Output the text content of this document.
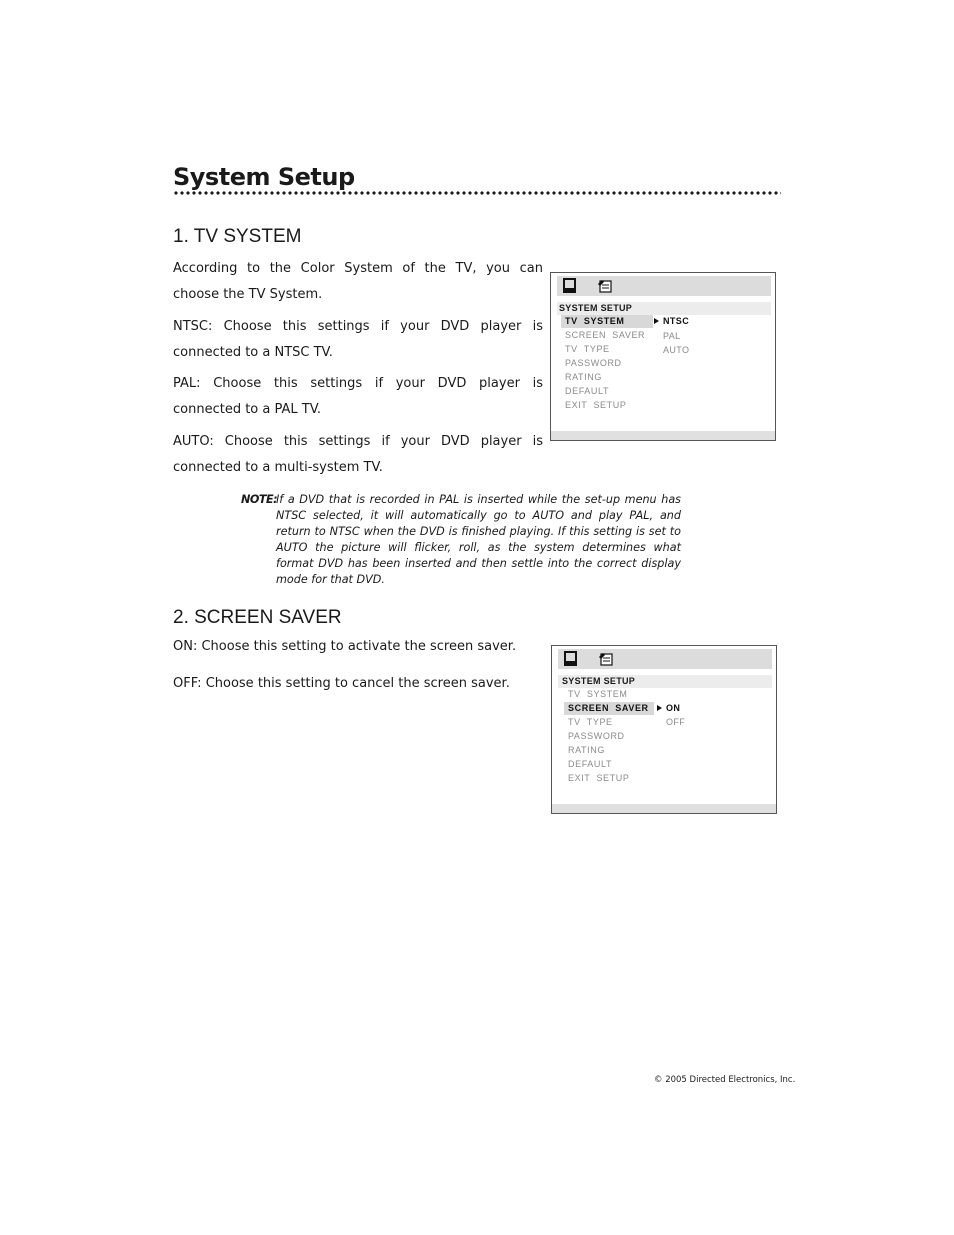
System Setup
1. TV SYSTEM

According to the Color System of the TV, you can choose the TV System.

NTSC: Choose this settings if your DVD player is connected to a NTSC TV.

PAL: Choose this settings if your DVD player is connected to a PAL TV.

AUTO: Choose this settings if your DVD player is connected to a multi-system TV.

NOTE:
If a DVD that is recorded in PAL is inserted while the set-up menu has NTSC selected, it will automatically go to AUTO and play PAL, and return to NTSC when the DVD is finished playing. If this setting is set to AUTO the picture will flicker, roll, as the system determines what format DVD has been inserted and then settle into the correct display mode for that DVD.
SYSTEM SETUP
TV  SYSTEM
SCREEN  SAVER
TV  TYPE
PASSWORD
RATING
DEFAULT
EXIT  SETUP
NTSC
PAL
AUTO
2. SCREEN SAVER

ON: Choose this setting to activate the screen saver.

OFF: Choose this setting to cancel the screen saver.	SYSTEM SETUP
TV  SYSTEM
SCREEN  SAVER
TV  TYPE
PASSWORD
RATING
DEFAULT
EXIT  SETUP
ON
OFF
© 2005 Directed Electronics, Inc.
